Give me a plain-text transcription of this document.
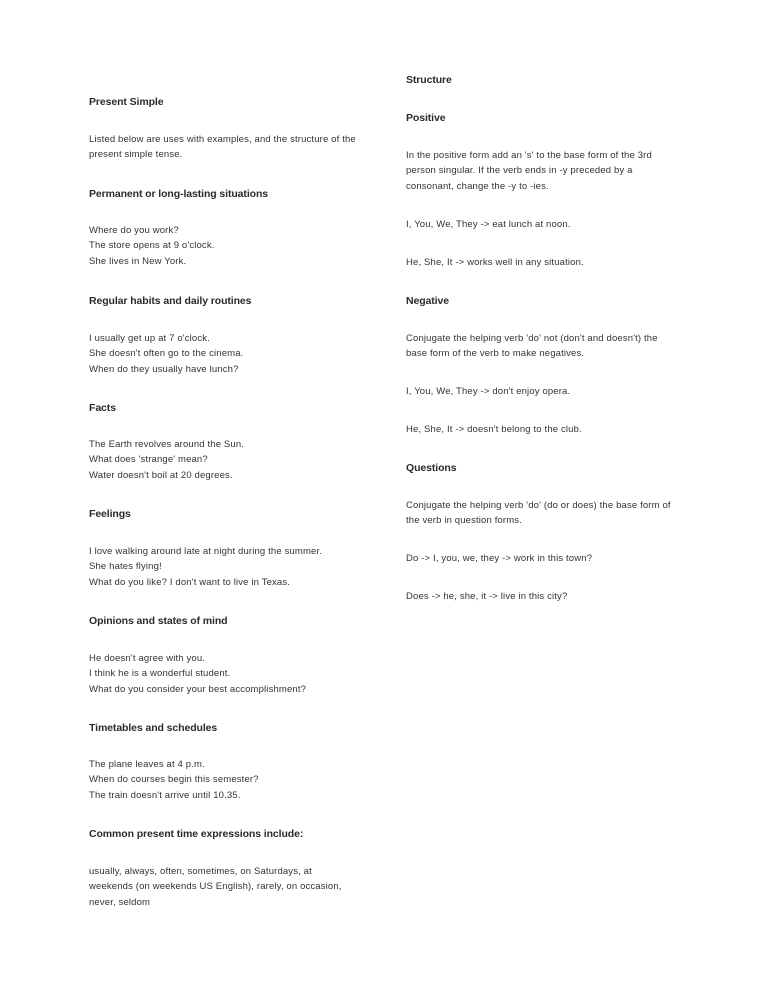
Present Simple

Listed below are uses with examples, and the structure of the
present simple tense.

Permanent or long-lasting situations

Where do you work?
The store opens at 9 o'clock.
She lives in New York.

Regular habits and daily routines

I usually get up at 7 o'clock.
She doesn't often go to the cinema.
When do they usually have lunch?

Facts

The Earth revolves around the Sun.
What does 'strange' mean?
Water doesn't boil at 20 degrees.

Feelings

I love walking around late at night during the summer.
She hates flying!
What do you like? I don't want to live in Texas.

Opinions and states of mind

He doesn't agree with you.
I think he is a wonderful student.
What do you consider your best accomplishment?

Timetables and schedules

The plane leaves at 4 p.m.
When do courses begin this semester?
The train doesn't arrive until 10.35.

Common present time expressions include:

usually, always, often, sometimes, on Saturdays, at
weekends (on weekends US English), rarely, on occasion,
never, seldom

Structure

Positive

In the positive form add an 's' to the base form of the 3rd
person singular. If the verb ends in -y preceded by a
consonant, change the -y to -ies.

I, You, We, They -> eat lunch at noon.

He, She, It -> works well in any situation.

Negative

Conjugate the helping verb 'do' not (don't and doesn't) the
base form of the verb to make negatives.

I, You, We, They -> don't enjoy opera.

He, She, It -> doesn't belong to the club.

Questions

Conjugate the helping verb 'do' (do or does) the base form of
the verb in question forms.

Do -> I, you, we, they -> work in this town?

Does -> he, she, it -> live in this city?
